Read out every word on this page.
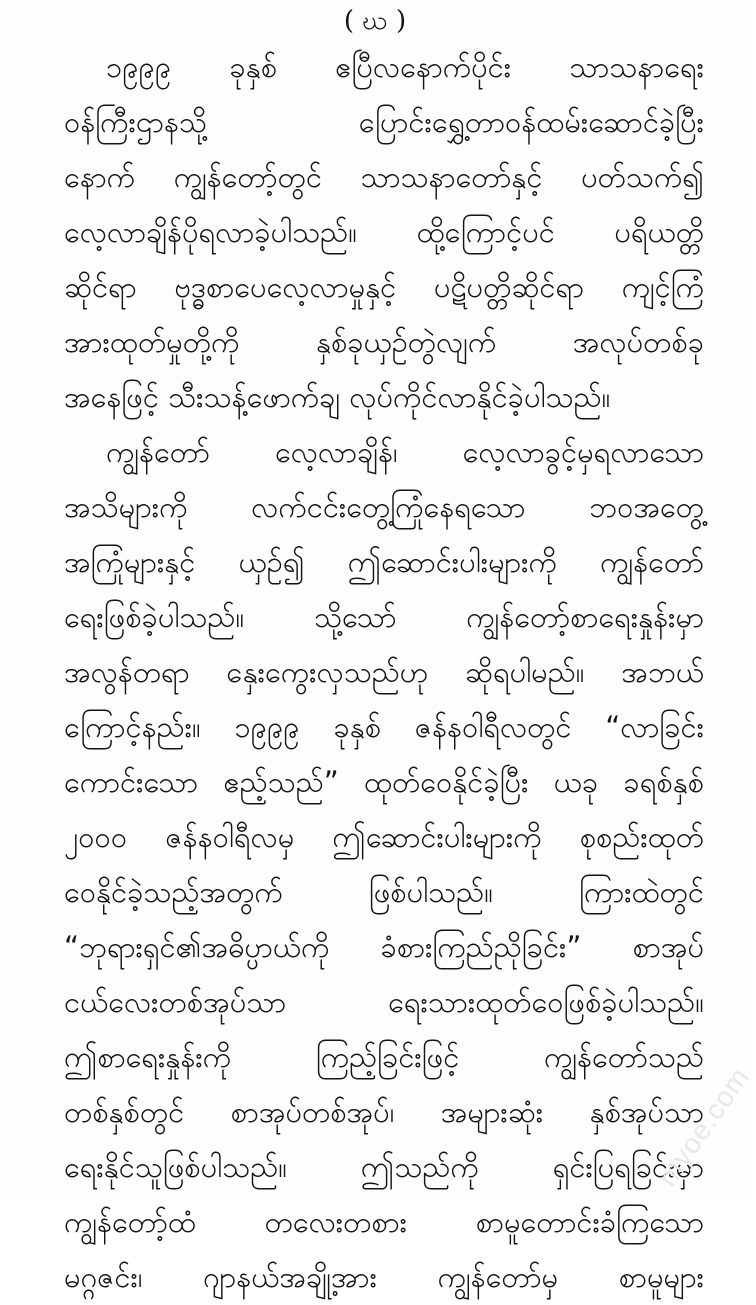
( ဃ )
၁၉၉၉ ခုနှစ် ဧပြီလနောက်ပိုင်း သာသနာရေး
ဝန်ကြီးဌာနသို့ ပြောင်းရွှေ့တာဝန်ထမ်းဆောင်ခဲ့ပြီး
နောက် ကျွန်တော့်တွင် သာသနာတော်နှင့် ပတ်သက်၍
လေ့လာချိန်ပိုရလာခဲ့ပါသည်။ ထို့ကြောင့်ပင် ပရိယတ္တိ
ဆိုင်ရာ ဗုဒ္ဓစာပေလေ့လာမှုနှင့် ပဋိပတ္တိဆိုင်ရာ ကျင့်ကြံ
အားထုတ်မှုတို့ကို နှစ်ခုယှဉ်တွဲလျက် အလုပ်တစ်ခု
အနေဖြင့် သီးသန့်ဖောက်ချ လုပ်ကိုင်လာနိုင်ခဲ့ပါသည်။
ကျွန်တော် လေ့လာချိန်၊ လေ့လာခွင့်မှရလာသော
အသိများကို လက်ငင်းတွေ့ကြုံနေရသော ဘဝအတွေ့
အကြုံများနှင့် ယှဉ်၍ ဤဆောင်းပါးများကို ကျွန်တော်
ရေးဖြစ်ခဲ့ပါသည်။ သို့သော် ကျွန်တော့်စာရေးနှုန်းမှာ
အလွန်တရာ နှေးကွေးလှသည်ဟု ဆိုရပါမည်။ အဘယ်
ကြောင့်နည်း။ ၁၉၉၉ ခုနှစ် ဇန်နဝါရီလတွင် “လာခြင်း
ကောင်းသော ဧည့်သည်” ထုတ်ဝေနိုင်ခဲ့ပြီး ယခု ခရစ်နှစ်
၂၀၀၀ ဇန်နဝါရီလမှ ဤဆောင်းပါးများကို စုစည်းထုတ်
ဝေနိုင်ခဲ့သည့်အတွက် ဖြစ်ပါသည်။ ကြားထဲတွင်
“ဘုရားရှင်၏အဓိပ္ပာယ်ကို ခံစားကြည်ညိုခြင်း” စာအုပ်
ငယ်လေးတစ်အုပ်သာ ရေးသားထုတ်ဝေဖြစ်ခဲ့ပါသည်။
ဤစာရေးနှုန်းကို ကြည့်ခြင်းဖြင့် ကျွန်တော်သည်
တစ်နှစ်တွင် စာအုပ်တစ်အုပ်၊ အများဆုံး နှစ်အုပ်သာ
ရေးနိုင်သူဖြစ်ပါသည်။ ဤသည်ကို ရှင်းပြရခြင်းမှာ
ကျွန်တော့်ထံ တလေးတစား စာမူတောင်းခံကြသော
မဂ္ဂဇင်း၊ ဂျာနယ်အချို့အား ကျွန်တော်မှ စာမူများ
myoe.com
